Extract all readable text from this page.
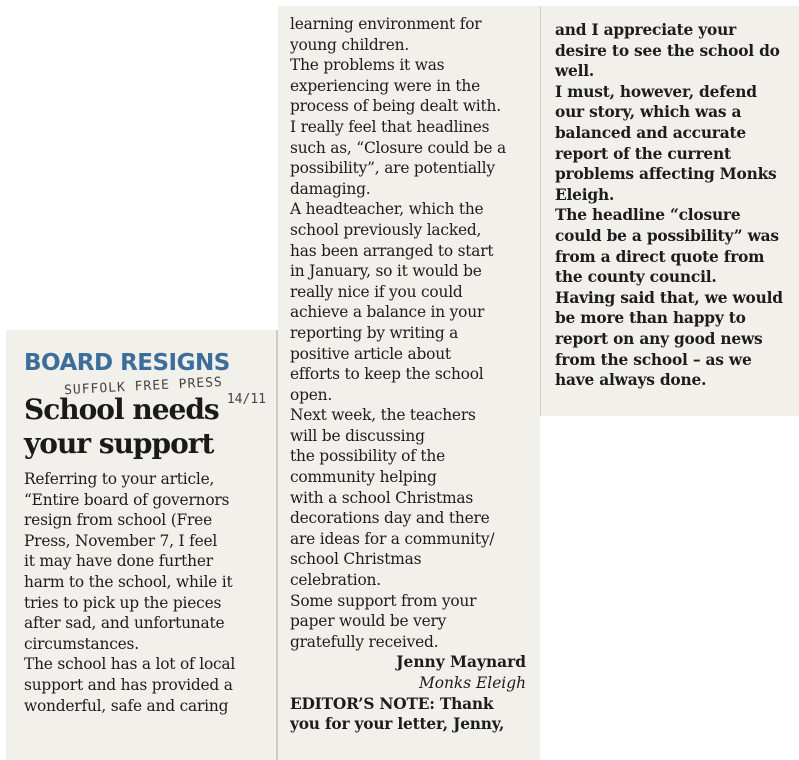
BOARD RESIGNS
SUFFOLK FREE PRESS
14/11
School needs
your support
Referring to your article,
“Entire board of governors
resign from school (Free
Press, November 7, I feel
it may have done further
harm to the school, while it
tries to pick up the pieces
after sad, and unfortunate
circumstances.
The school has a lot of local
support and has provided a
wonderful, safe and caring
learning environment for
young children.
The problems it was
experiencing were in the
process of being dealt with.
I really feel that headlines
such as, “Closure could be a
possibility”, are potentially
damaging.
A headteacher, which the
school previously lacked,
has been arranged to start
in January, so it would be
really nice if you could
achieve a balance in your
reporting by writing a
positive article about
efforts to keep the school
open.
Next week, the teachers
will be discussing
the possibility of the
community helping
with a school Christmas
decorations day and there
are ideas for a community/
school Christmas
celebration.
Some support from your
paper would be very
gratefully received.
Jenny Maynard
Monks Eleigh
EDITOR’S NOTE: Thank
you for your letter, Jenny,
and I appreciate your
desire to see the school do
well.
I must, however, defend
our story, which was a
balanced and accurate
report of the current
problems affecting Monks
Eleigh.
The headline “closure
could be a possibility” was
from a direct quote from
the county council.
Having said that, we would
be more than happy to
report on any good news
from the school – as we
have always done.
